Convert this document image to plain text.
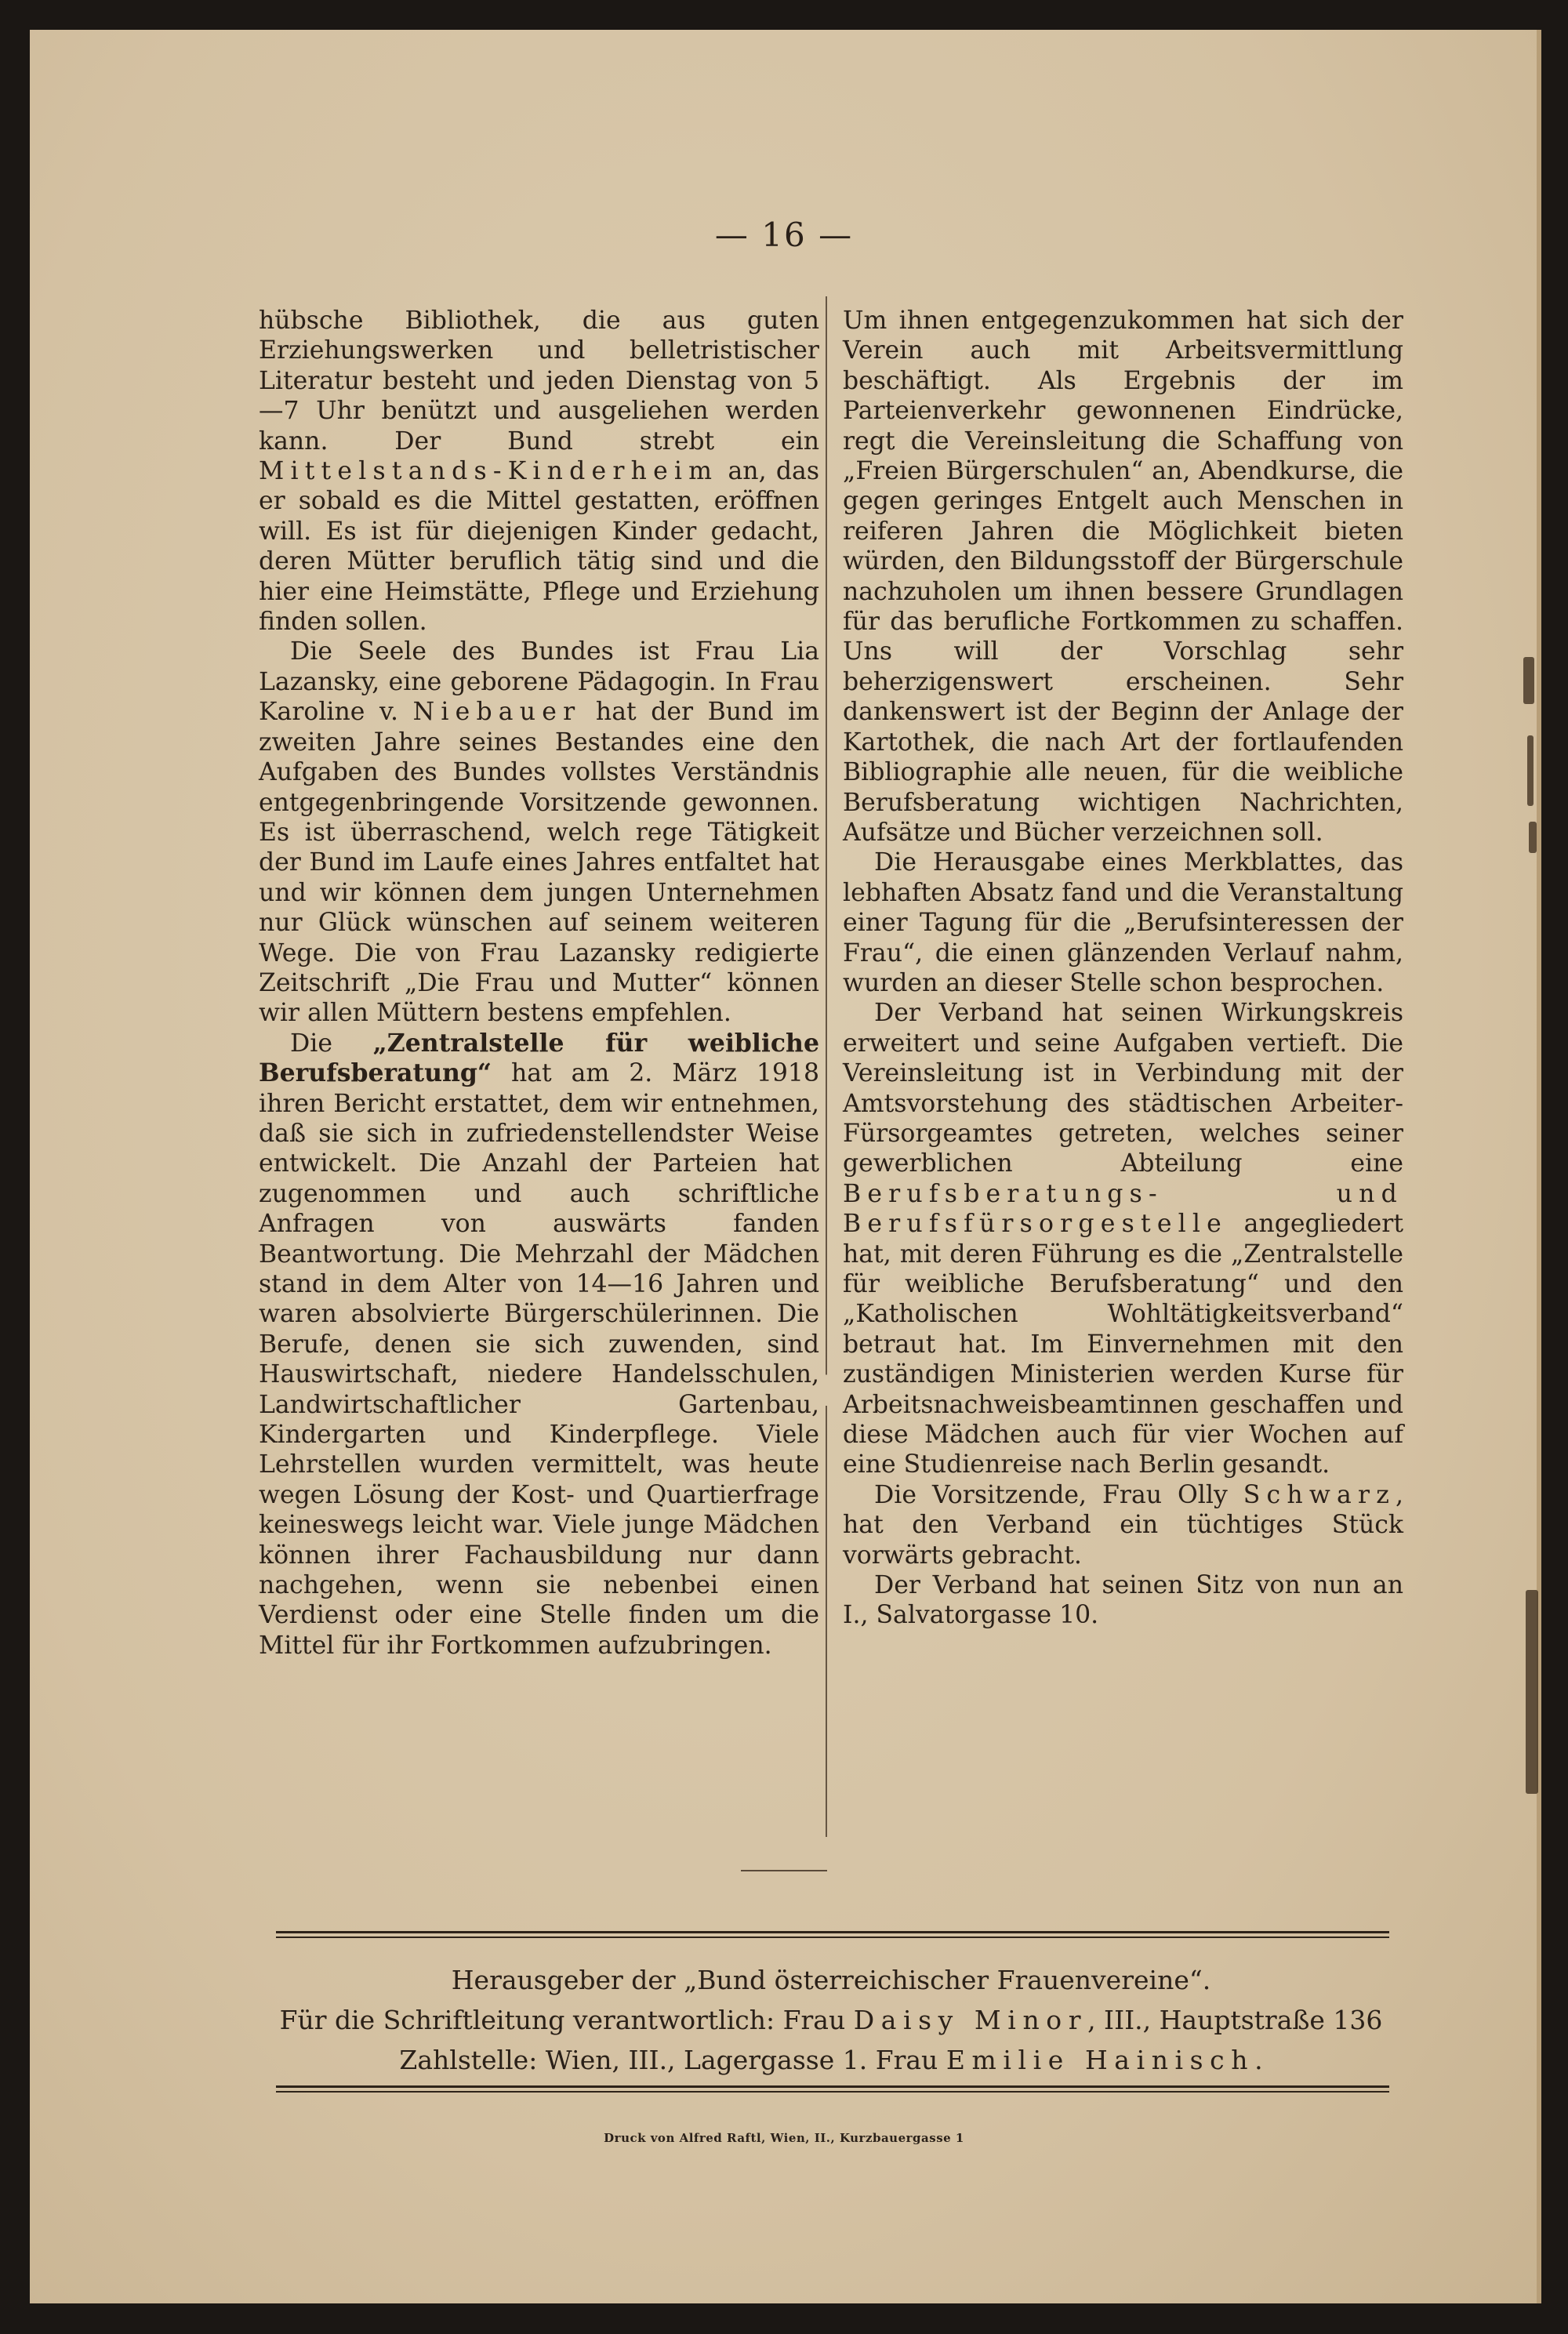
— 16 —

hübsche Bibliothek, die aus guten Erziehungswerken und belletristischer Literatur besteht und jeden Dienstag von 5—7 Uhr benützt und ausgeliehen werden kann. Der Bund strebt ein Mittelstands-Kinderheim an, das er sobald es die Mittel gestatten, eröffnen will. Es ist für diejenigen Kinder gedacht, deren Mütter beruflich tätig sind und die hier eine Heimstätte, Pflege und Erziehung finden sollen.

Die Seele des Bundes ist Frau Lia Lazansky, eine geborene Pädagogin. In Frau Karoline v. Niebauer hat der Bund im zweiten Jahre seines Bestandes eine den Aufgaben des Bundes vollstes Verständnis entgegenbringende Vorsitzende gewonnen. Es ist überraschend, welch rege Tätigkeit der Bund im Laufe eines Jahres entfaltet hat und wir können dem jungen Unternehmen nur Glück wünschen auf seinem weiteren Wege. Die von Frau Lazansky redigierte Zeitschrift „Die Frau und Mutter“ können wir allen Müttern bestens empfehlen.

Die „Zentralstelle für weibliche Berufsberatung“ hat am 2. März 1918 ihren Bericht erstattet, dem wir entnehmen, daß sie sich in zufriedenstellendster Weise entwickelt. Die Anzahl der Parteien hat zugenommen und auch schriftliche Anfragen von auswärts fanden Beantwortung. Die Mehrzahl der Mädchen stand in dem Alter von 14—16 Jahren und waren absolvierte Bürgerschülerinnen. Die Berufe, denen sie sich zuwenden, sind Hauswirtschaft, niedere Handelsschulen, Landwirtschaftlicher Gartenbau, Kindergarten und Kinderpflege. Viele Lehrstellen wurden vermittelt, was heute wegen Lösung der Kost- und Quartierfrage keineswegs leicht war. Viele junge Mädchen können ihrer Fachausbildung nur dann nachgehen, wenn sie nebenbei einen Verdienst oder eine Stelle finden um die Mittel für ihr Fortkommen aufzubringen.

Um ihnen entgegenzukommen hat sich der Verein auch mit Arbeitsvermittlung beschäftigt. Als Ergebnis der im Parteienverkehr gewonnenen Eindrücke, regt die Vereinsleitung die Schaffung von „Freien Bürgerschulen“ an, Abendkurse, die gegen geringes Entgelt auch Menschen in reiferen Jahren die Möglichkeit bieten würden, den Bildungsstoff der Bürgerschule nachzuholen um ihnen bessere Grundlagen für das berufliche Fortkommen zu schaffen. Uns will der Vorschlag sehr beherzigenswert erscheinen. Sehr dankenswert ist der Beginn der Anlage der Kartothek, die nach Art der fortlaufenden Bibliographie alle neuen, für die weibliche Berufsberatung wichtigen Nachrichten, Aufsätze und Bücher verzeichnen soll.

Die Herausgabe eines Merkblattes, das lebhaften Absatz fand und die Veranstaltung einer Tagung für die „Berufsinteressen der Frau“, die einen glänzenden Verlauf nahm, wurden an dieser Stelle schon besprochen.

Der Verband hat seinen Wirkungskreis erweitert und seine Aufgaben vertieft. Die Vereinsleitung ist in Verbindung mit der Amtsvorstehung des städtischen Arbeiter-Fürsorgeamtes getreten, welches seiner gewerblichen Abteilung eine Berufsberatungs- und Berufsfürsorgestelle angegliedert hat, mit deren Führung es die „Zentralstelle für weibliche Berufsberatung“ und den „Katholischen Wohltätigkeitsverband“ betraut hat. Im Einvernehmen mit den zuständigen Ministerien werden Kurse für Arbeitsnachweisbeamtinnen geschaffen und diese Mädchen auch für vier Wochen auf eine Studienreise nach Berlin gesandt.

Die Vorsitzende, Frau Olly Schwarz, hat den Verband ein tüchtiges Stück vorwärts gebracht.

Der Verband hat seinen Sitz von nun an I., Salvatorgasse 10.

Herausgeber der „Bund österreichischer Frauenvereine“.
Für die Schriftleitung verantwortlich: Frau Daisy Minor, III., Hauptstraße 136
Zahlstelle: Wien, III., Lagergasse 1. Frau Emilie Hainisch.
Druck von Alfred Raftl, Wien, II., Kurzbauergasse 1
